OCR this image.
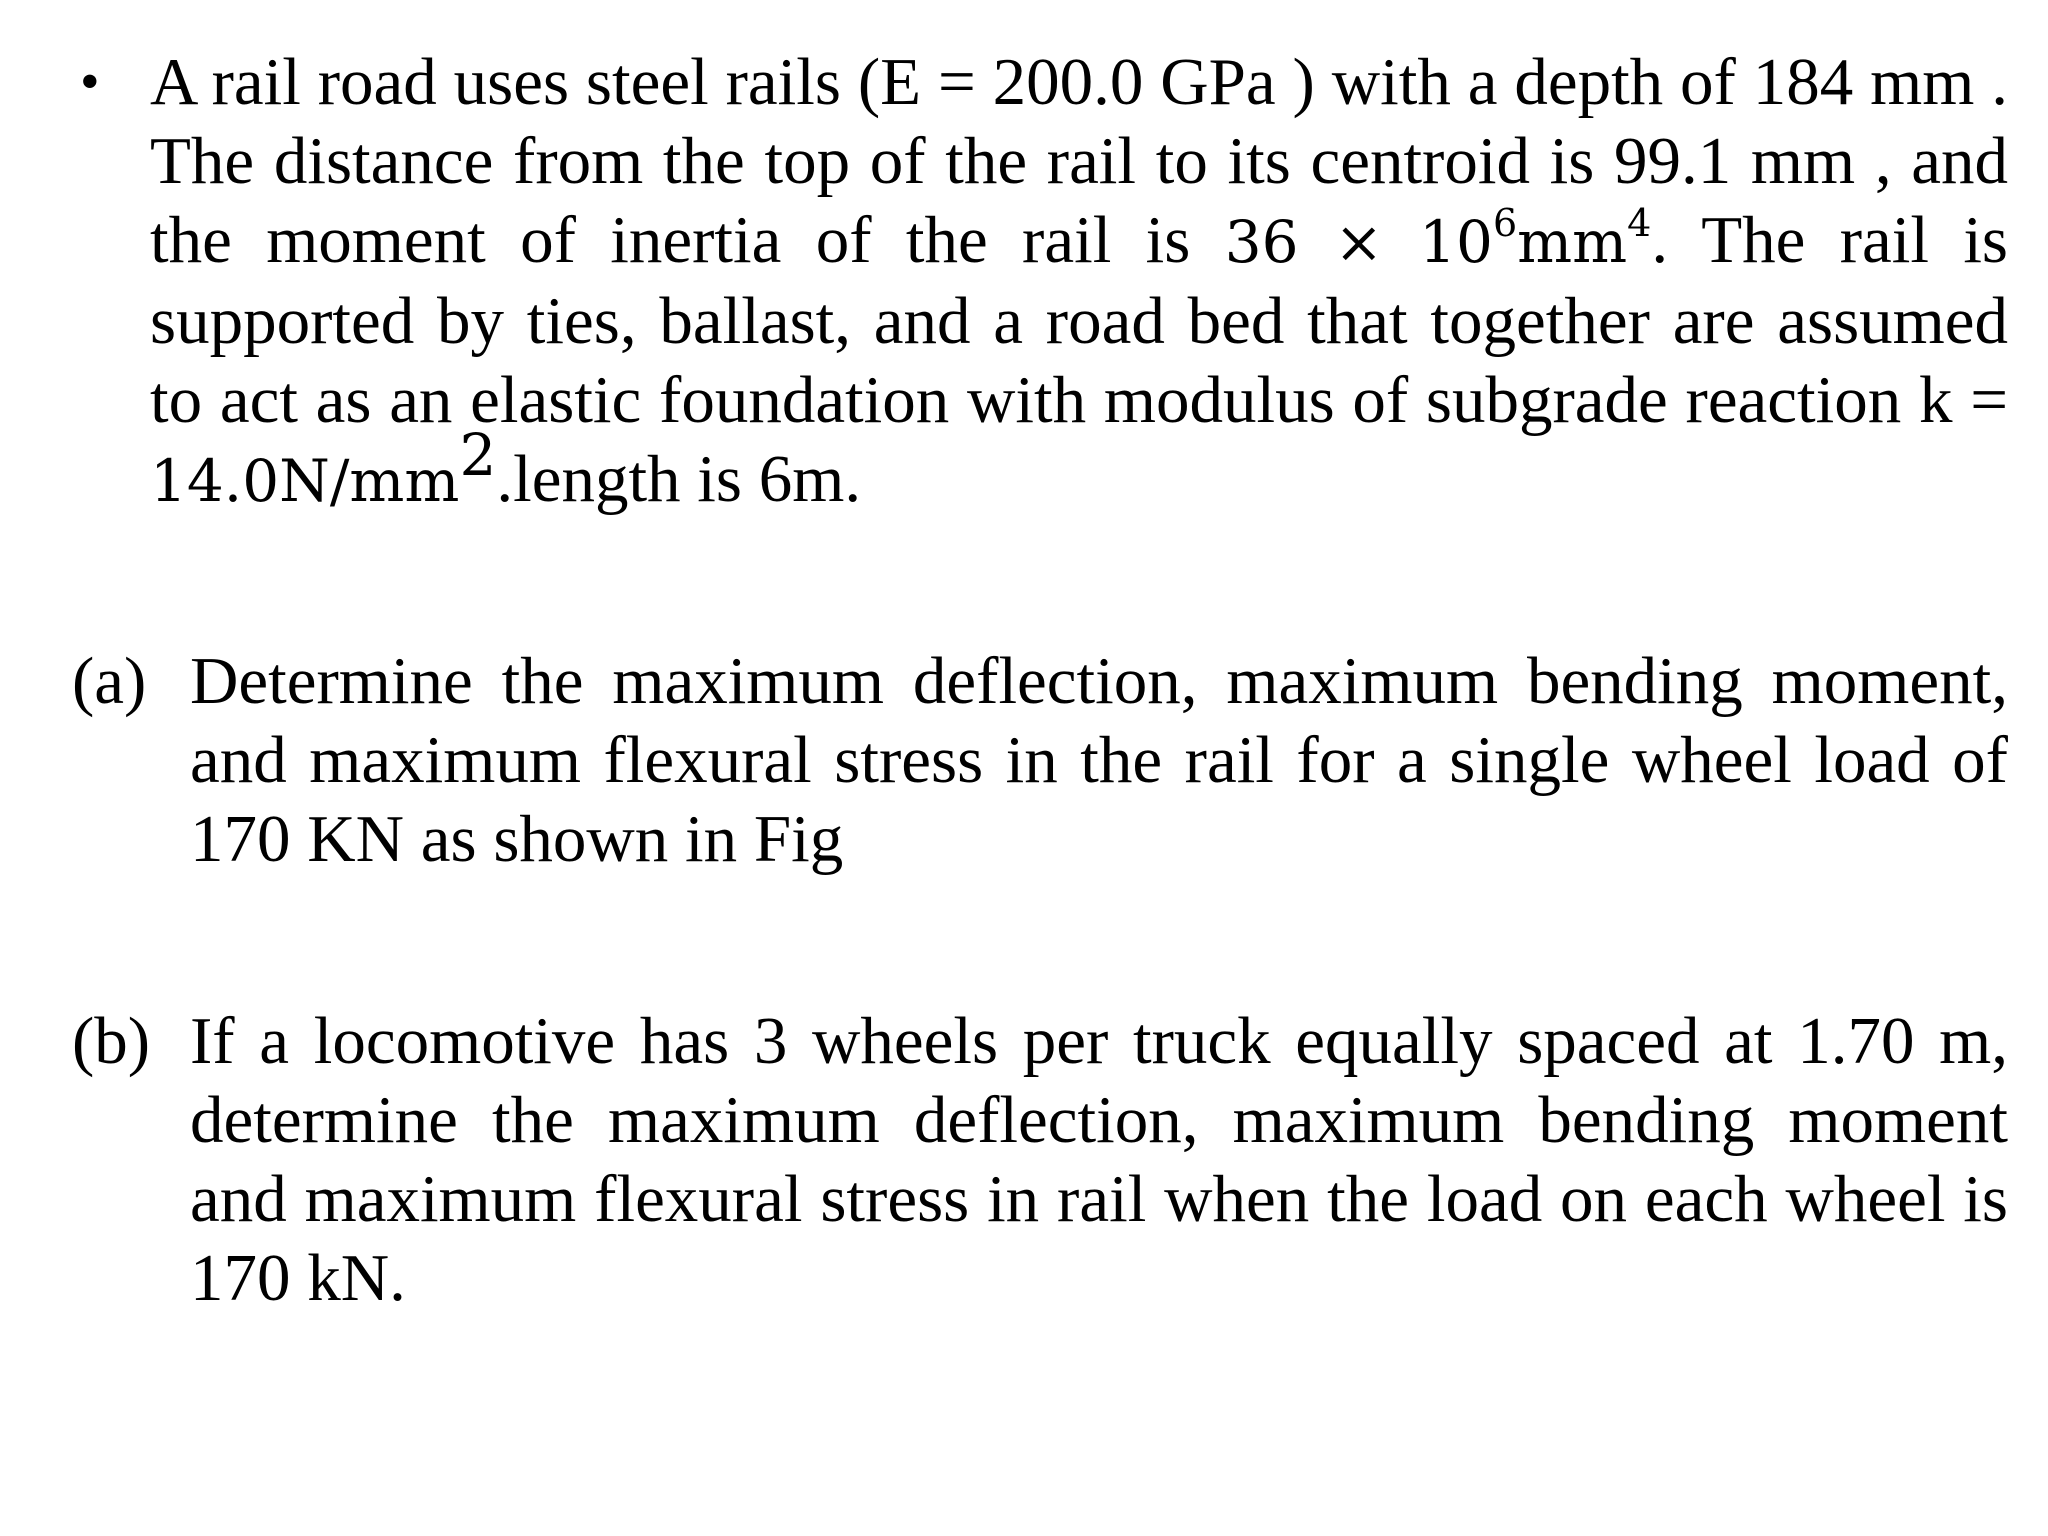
• A rail road uses steel rails (E = 200.0 GPa ) with a depth of 184 mm . The distance from the top of the rail to its centroid is 99.1 mm , and the moment of inertia of the rail is $36 \times 10^6mm^4$. The rail is supported by ties, ballast, and a road bed that together are assumed to act as an elastic foundation with modulus of subgrade reaction $k = 14.0N/mm^2.length$ is 6m.
(a) Determine the maximum deflection, maximum bending moment, and maximum flexural stress in the rail for a single wheel load of 170 KN as shown in Fig
(b) If a locomotive has 3 wheels per truck equally spaced at 1.70 m, determine the maximum deflection, maximum bending moment and maximum flexural stress in rail when the load on each wheel is 170 kN.
